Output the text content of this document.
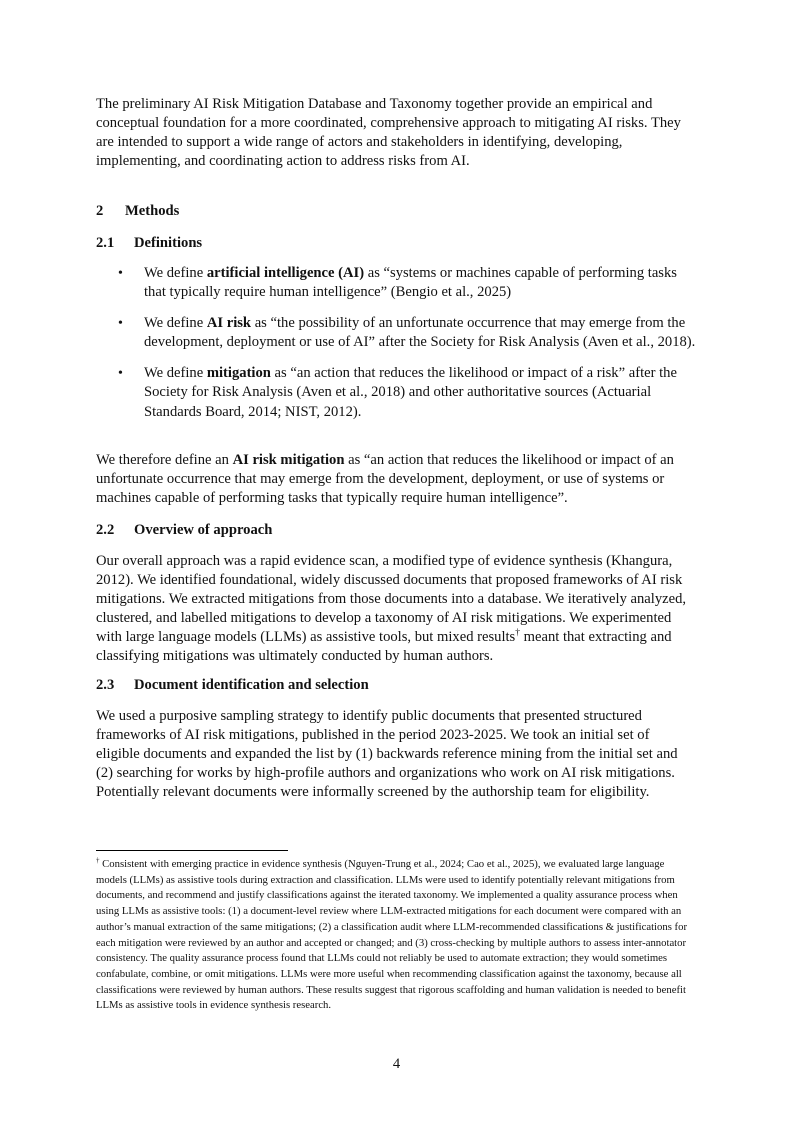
The preliminary AI Risk Mitigation Database and Taxonomy together provide an empirical and conceptual foundation for a more coordinated, comprehensive approach to mitigating AI risks. They are intended to support a wide range of actors and stakeholders in identifying, developing, implementing, and coordinating action to address risks from AI.

2 Methods
2.1 Definitions
• We define artificial intelligence (AI) as “systems or machines capable of performing tasks that typically require human intelligence” (Bengio et al., 2025)
• We define AI risk as “the possibility of an unfortunate occurrence that may emerge from the development, deployment or use of AI” after the Society for Risk Analysis (Aven et al., 2018).
• We define mitigation as “an action that reduces the likelihood or impact of a risk” after the Society for Risk Analysis (Aven et al., 2018) and other authoritative sources (Actuarial Standards Board, 2014; NIST, 2012).

We therefore define an AI risk mitigation as “an action that reduces the likelihood or impact of an unfortunate occurrence that may emerge from the development, deployment, or use of systems or machines capable of performing tasks that typically require human intelligence”.

2.2 Overview of approach

Our overall approach was a rapid evidence scan, a modified type of evidence synthesis (Khangura, 2012). We identified foundational, widely discussed documents that proposed frameworks of AI risk mitigations. We extracted mitigations from those documents into a database. We iteratively analyzed, clustered, and labelled mitigations to develop a taxonomy of AI risk mitigations. We experimented with large language models (LLMs) as assistive tools, but mixed results† meant that extracting and classifying mitigations was ultimately conducted by human authors.

2.3 Document identification and selection

We used a purposive sampling strategy to identify public documents that presented structured frameworks of AI risk mitigations, published in the period 2023-2025. We took an initial set of eligible documents and expanded the list by (1) backwards reference mining from the initial set and (2) searching for works by high-profile authors and organizations who work on AI risk mitigations. Potentially relevant documents were informally screened by the authorship team for eligibility.

† Consistent with emerging practice in evidence synthesis (Nguyen-Trung et al., 2024; Cao et al., 2025), we evaluated large language models (LLMs) as assistive tools during extraction and classification. LLMs were used to identify potentially relevant mitigations from documents, and recommend and justify classifications against the iterated taxonomy. We implemented a quality assurance process when using LLMs as assistive tools: (1) a document-level review where LLM-extracted mitigations for each document were compared with an author’s manual extraction of the same mitigations; (2) a classification audit where LLM-recommended classifications & justifications for each mitigation were reviewed by an author and accepted or changed; and (3) cross-checking by multiple authors to assess inter-annotator consistency. The quality assurance process found that LLMs could not reliably be used to automate extraction; they would sometimes confabulate, combine, or omit mitigations. LLMs were more useful when recommending classification against the taxonomy, because all classifications were reviewed by human authors. These results suggest that rigorous scaffolding and human validation is needed to benefit LLMs as assistive tools in evidence synthesis research.

4
